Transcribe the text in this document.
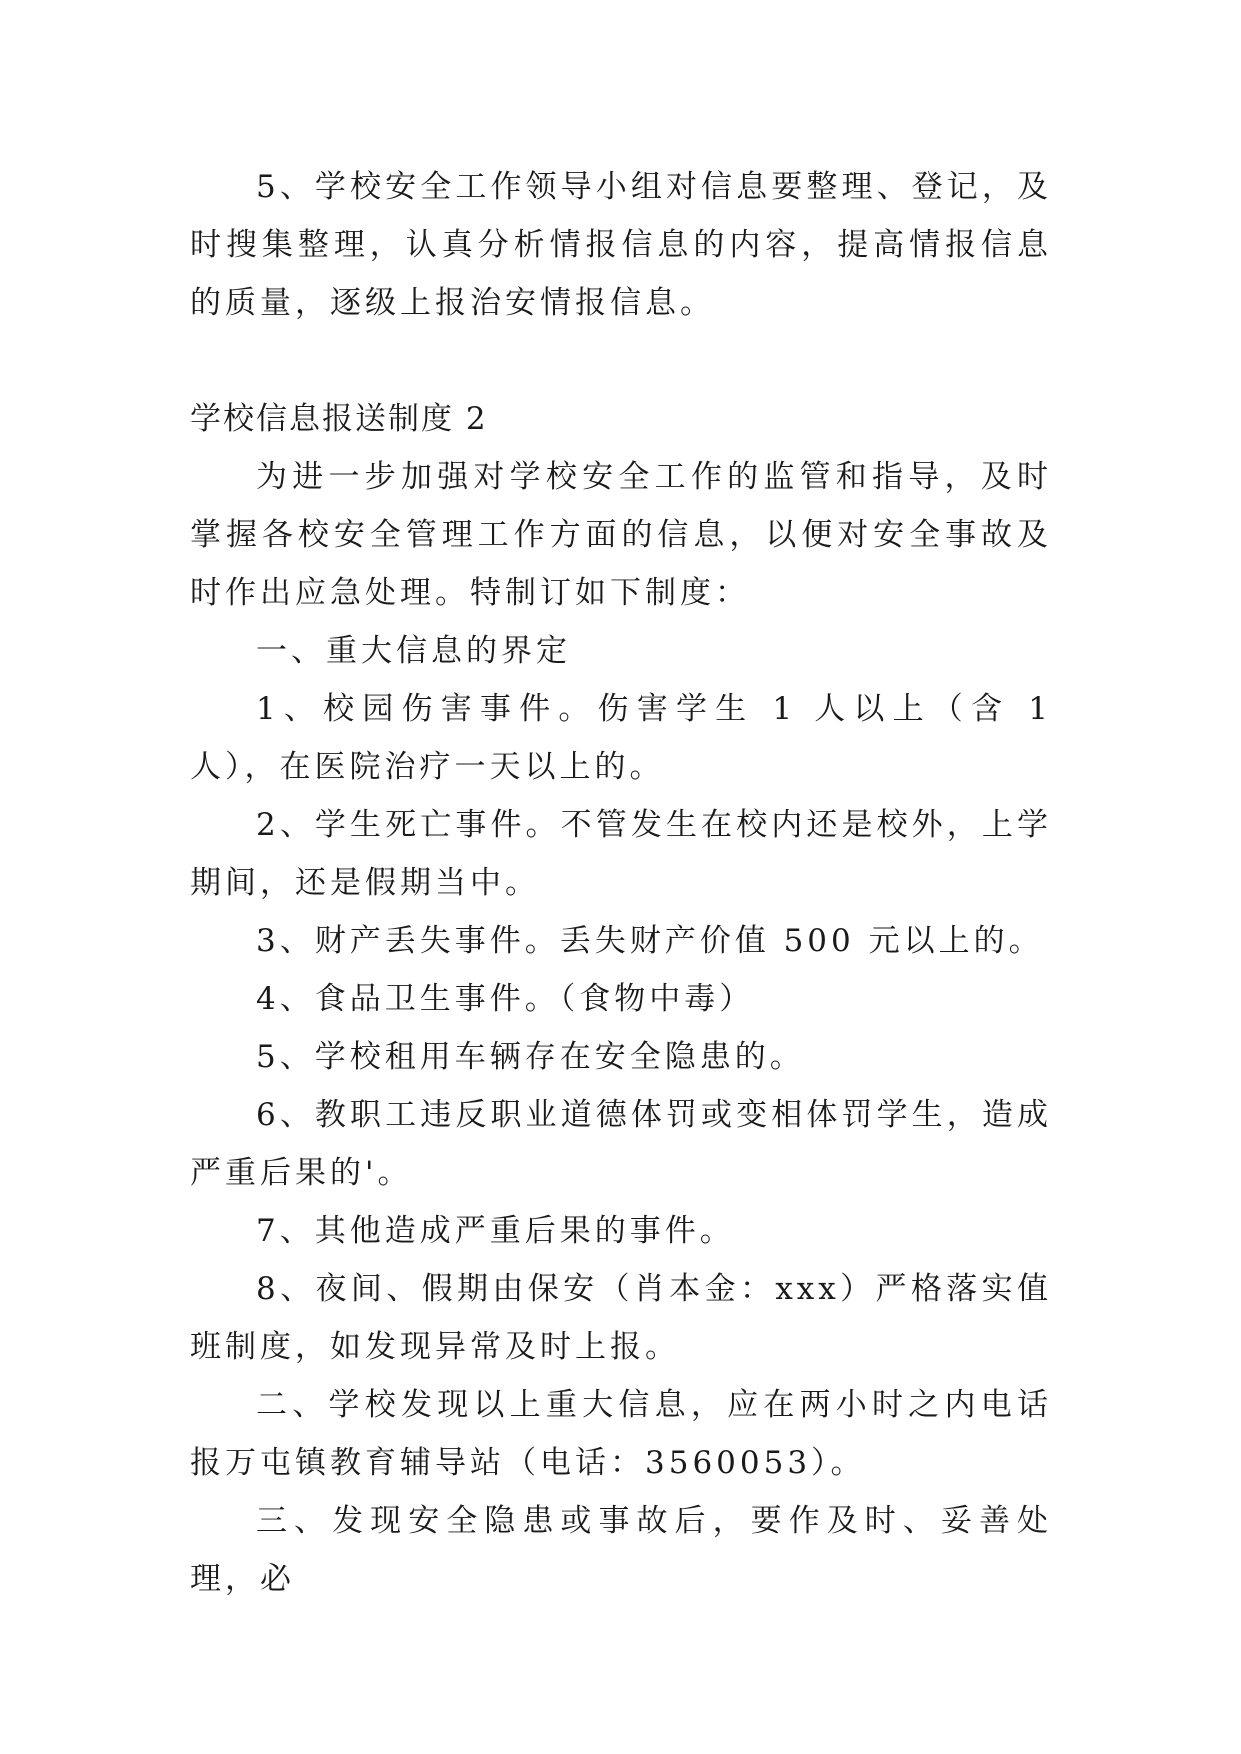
5、学校安全工作领导小组对信息要整理、登记，及时搜集整理，认真分析情报信息的内容，提高情报信息的质量，逐级上报治安情报信息。

学校信息报送制度 2

为进一步加强对学校安全工作的监管和指导，及时掌握各校安全管理工作方面的信息，以便对安全事故及时作出应急处理。特制订如下制度：

一、重大信息的界定

1、校园伤害事件。伤害学生 1 人以上（含 1 人），在医院治疗一天以上的。

2、学生死亡事件。不管发生在校内还是校外，上学期间，还是假期当中。

3、财产丢失事件。丢失财产价值 500 元以上的。

4、食品卫生事件。（食物中毒）

5、学校租用车辆存在安全隐患的。

6、教职工违反职业道德体罚或变相体罚学生，造成严重后果的'。

7、其他造成严重后果的事件。

8、夜间、假期由保安（肖本金：xxx）严格落实值班制度，如发现异常及时上报。

二、学校发现以上重大信息，应在两小时之内电话报万屯镇教育辅导站（电话：3560053）。

三、发现安全隐患或事故后，要作及时、妥善处理，必
